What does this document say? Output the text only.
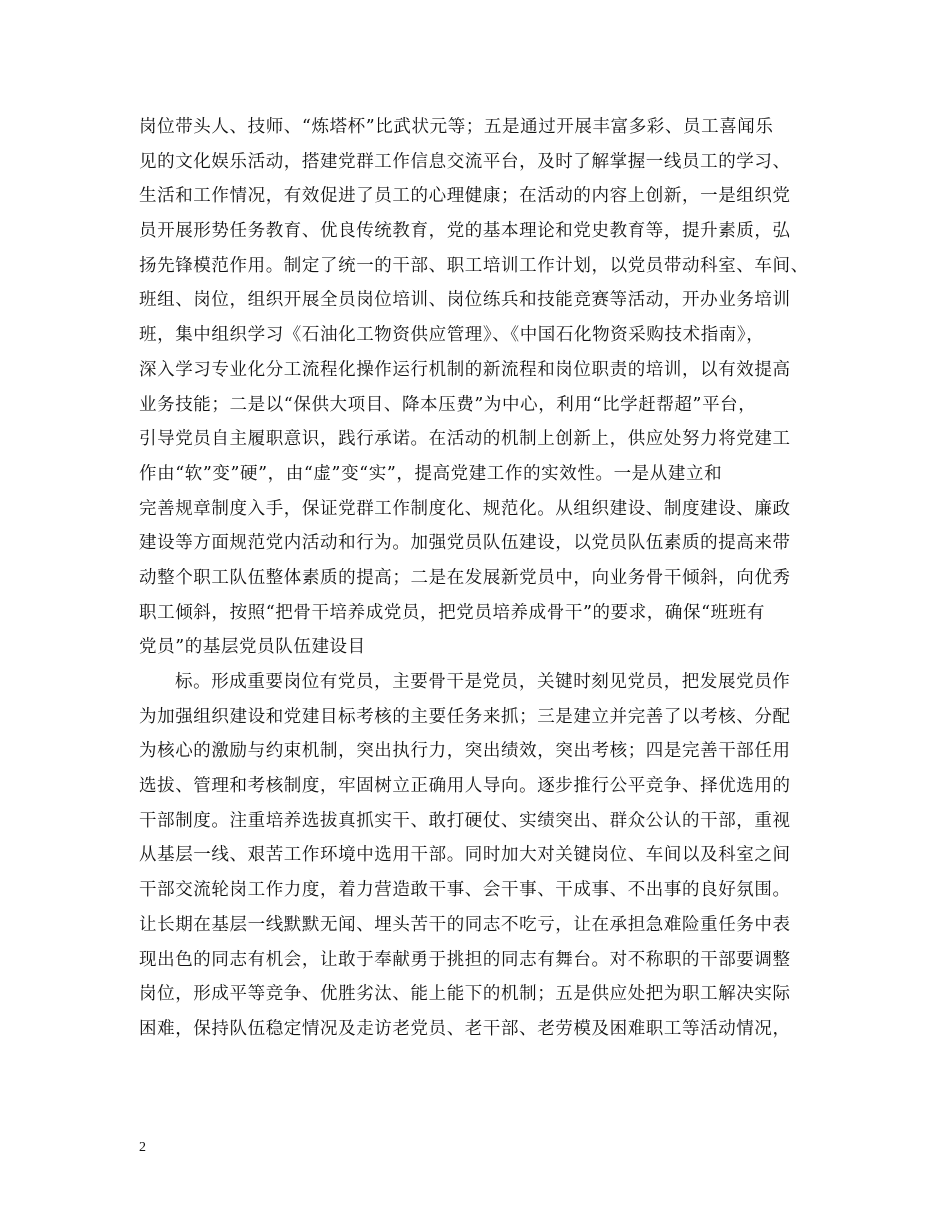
岗位带头人、技师、“炼塔杯”比武状元等；五是通过开展丰富多彩、员工喜闻乐
见的文化娱乐活动，搭建党群工作信息交流平台，及时了解掌握一线员工的学习、
生活和工作情况，有效促进了员工的心理健康；在活动的内容上创新，一是组织党
员开展形势任务教育、优良传统教育，党的基本理论和党史教育等，提升素质，弘
扬先锋模范作用。制定了统一的干部、职工培训工作计划，以党员带动科室、车间、
班组、岗位，组织开展全员岗位培训、岗位练兵和技能竞赛等活动，开办业务培训
班，集中组织学习《石油化工物资供应管理》、《中国石化物资采购技术指南》，
深入学习专业化分工流程化操作运行机制的新流程和岗位职责的培训，以有效提高
业务技能；二是以“保供大项目、降本压费”为中心，利用“比学赶帮超”平台，
引导党员自主履职意识，践行承诺。在活动的机制上创新上，供应处努力将党建工
作由“软”变”硬”，由“虚”变“实”，提高党建工作的实效性。一是从建立和
完善规章制度入手，保证党群工作制度化、规范化。从组织建设、制度建设、廉政
建设等方面规范党内活动和行为。加强党员队伍建设，以党员队伍素质的提高来带
动整个职工队伍整体素质的提高；二是在发展新党员中，向业务骨干倾斜，向优秀
职工倾斜，按照“把骨干培养成党员，把党员培养成骨干”的要求，确保“班班有
党员”的基层党员队伍建设目
标。形成重要岗位有党员，主要骨干是党员，关键时刻见党员，把发展党员作
为加强组织建设和党建目标考核的主要任务来抓；三是建立并完善了以考核、分配
为核心的激励与约束机制，突出执行力，突出绩效，突出考核；四是完善干部任用
选拔、管理和考核制度，牢固树立正确用人导向。逐步推行公平竞争、择优选用的
干部制度。注重培养选拔真抓实干、敢打硬仗、实绩突出、群众公认的干部，重视
从基层一线、艰苦工作环境中选用干部。同时加大对关键岗位、车间以及科室之间
干部交流轮岗工作力度，着力营造敢干事、会干事、干成事、不出事的良好氛围。
让长期在基层一线默默无闻、埋头苦干的同志不吃亏，让在承担急难险重任务中表
现出色的同志有机会，让敢于奉献勇于挑担的同志有舞台。对不称职的干部要调整
岗位，形成平等竞争、优胜劣汰、能上能下的机制；五是供应处把为职工解决实际
困难，保持队伍稳定情况及走访老党员、老干部、老劳模及困难职工等活动情况，
2
